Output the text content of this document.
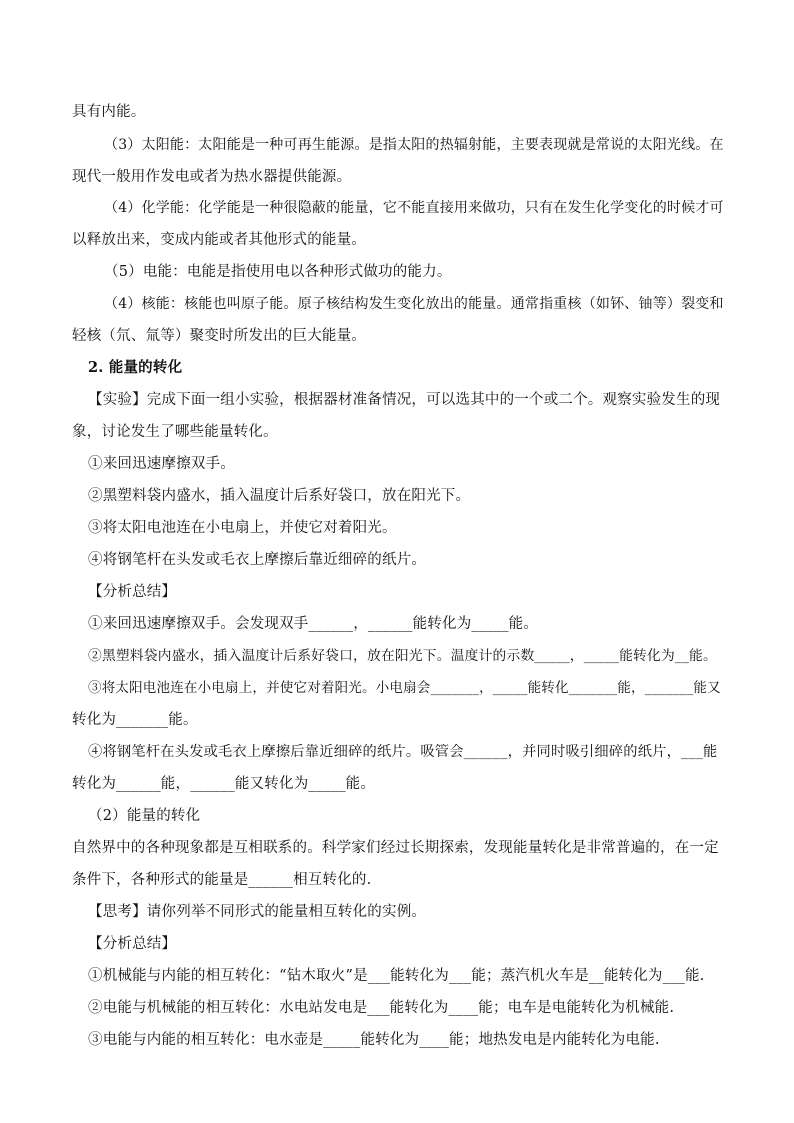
具有内能。
（3）太阳能：太阳能是一种可再生能源。是指太阳的热辐射能，主要表现就是常说的太阳光线。在
现代一般用作发电或者为热水器提供能源。
（4）化学能：化学能是一种很隐蔽的能量，它不能直接用来做功，只有在发生化学变化的时候才可
以释放出来，变成内能或者其他形式的能量。
（5）电能：电能是指使用电以各种形式做功的能力。
（4）核能：核能也叫原子能。原子核结构发生变化放出的能量。通常指重核（如钚、铀等）裂变和
轻核（氘、氚等）聚变时所发出的巨大能量。
2. 能量的转化
【实验】完成下面一组小实验，根据器材准备情况，可以选其中的一个或二个。观察实验发生的现
象，讨论发生了哪些能量转化。
①来回迅速摩擦双手。
②黑塑料袋内盛水，插入温度计后系好袋口，放在阳光下。
③将太阳电池连在小电扇上，并使它对着阳光。
④将钢笔杆在头发或毛衣上摩擦后靠近细碎的纸片。
【分析总结】
①来回迅速摩擦双手。会发现双手______，______能转化为_____能。
②黑塑料袋内盛水，插入温度计后系好袋口，放在阳光下。温度计的示数_____，_____能转化为__能。
③将太阳电池连在小电扇上，并使它对着阳光。小电扇会_______，_____能转化_______能，_______能又
转化为_______能。
④将钢笔杆在头发或毛衣上摩擦后靠近细碎的纸片。吸管会______，并同时吸引细碎的纸片，___能
转化为______能，______能又转化为_____能。
（2）能量的转化
自然界中的各种现象都是互相联系的。科学家们经过长期探索，发现能量转化是非常普遍的，在一定
条件下，各种形式的能量是______相互转化的.
【思考】请你列举不同形式的能量相互转化的实例。
【分析总结】
①机械能与内能的相互转化：“钻木取火”是___能转化为___能；蒸汽机火车是__能转化为___能.
②电能与机械能的相互转化：水电站发电是___能转化为____能；电车是电能转化为机械能.
③电能与内能的相互转化：电水壶是_____能转化为____能；地热发电是内能转化为电能.
